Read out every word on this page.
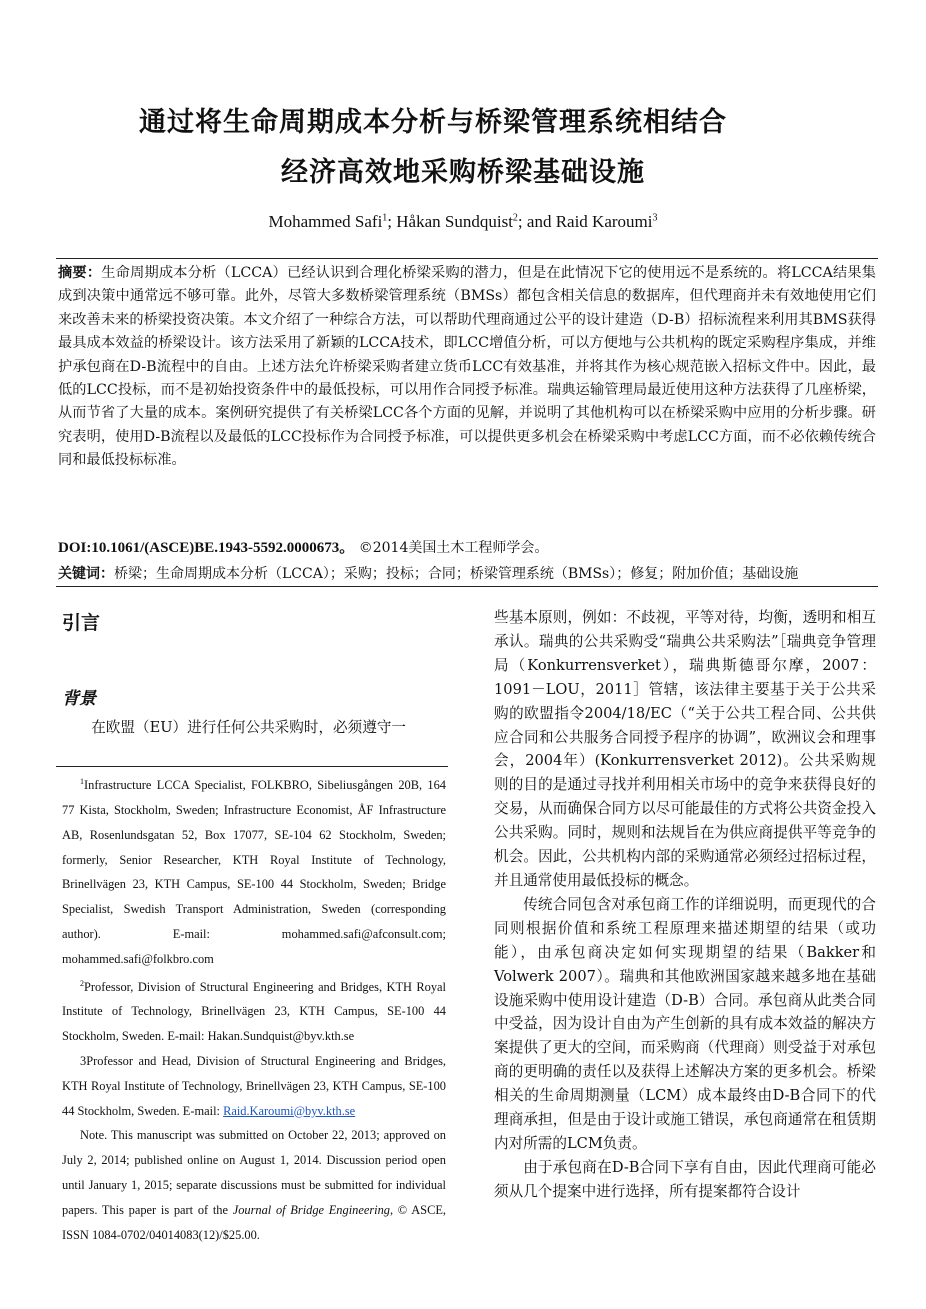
通过将生命周期成本分析与桥梁管理系统相结合
经济高效地采购桥梁基础设施
Mohammed Safi$^1$; Håkan Sundquist$^2$; and Raid Karoumi$^3$
摘要：生命周期成本分析（LCCA）已经认识到合理化桥梁采购的潜力，但是在此情况下它的使用远不是系统的。将LCCA结果集成到决策中通常远不够可靠。此外，尽管大多数桥梁管理系统（BMSs）都包含相关信息的数据库，但代理商并未有效地使用它们来改善未来的桥梁投资决策。本文介绍了一种综合方法，可以帮助代理商通过公平的设计建造（D-B）招标流程来利用其BMS获得最具成本效益的桥梁设计。该方法采用了新颖的LCCA技术，即LCC增值分析，可以方便地与公共机构的既定采购程序集成，并维护承包商在D-B流程中的自由。上述方法允许桥梁采购者建立货币LCC有效基准，并将其作为核心规范嵌入招标文件中。因此，最低的LCC投标，而不是初始投资条件中的最低投标，可以用作合同授予标准。瑞典运输管理局最近使用这种方法获得了几座桥梁，从而节省了大量的成本。案例研究提供了有关桥梁LCC各个方面的见解，并说明了其他机构可以在桥梁采购中应用的分析步骤。研究表明，使用D-B流程以及最低的LCC投标作为合同授予标准，可以提供更多机会在桥梁采购中考虑LCC方面，而不必依赖传统合同和最低投标标准。
DOI:10.1061/(ASCE)BE.1943-5592.0000673。 ©2014美国土木工程师学会。
关键词：桥梁；生命周期成本分析（LCCA）；采购；投标；合同；桥梁管理系统（BMSs）；修复；附加价值；基础设施
引言
背景
在欧盟（EU）进行任何公共采购时，必须遵守一

$^1$Infrastructure LCCA Specialist, FOLKBRO, Sibeliusgången 20B, 164 77 Kista, Stockholm, Sweden; Infrastructure Economist, ÅF Infrastructure AB, Rosenlundsgatan 52, Box 17077, SE-104 62 Stockholm, Sweden; formerly, Senior Researcher, KTH Royal Institute of Technology, Brinellvägen 23, KTH Campus, SE-100 44 Stockholm, Sweden; Bridge Specialist, Swedish Transport Administration, Sweden (corresponding author). E-mail: mohammed.safi@afconsult.com; mohammed.safi@folkbro.com

$^2$Professor, Division of Structural Engineering and Bridges, KTH Royal Institute of Technology, Brinellvägen 23, KTH Campus, SE-100 44 Stockholm, Sweden. E-mail: Hakan.Sundquist@byv.kth.se

3Professor and Head, Division of Structural Engineering and Bridges, KTH Royal Institute of Technology, Brinellvägen 23, KTH Campus, SE-100 44 Stockholm, Sweden. E-mail: Raid.Karoumi@byv.kth.se

Note. This manuscript was submitted on October 22, 2013; approved on July 2, 2014; published online on August 1, 2014. Discussion period open until January 1, 2015; separate discussions must be submitted for individual papers. This paper is part of the Journal of Bridge Engineering, © ASCE, ISSN 1084-0702/04014083(12)/$25.00.

些基本原则，例如：不歧视，平等对待，均衡，透明和相互承认。瑞典的公共采购受“瑞典公共采购法”［瑞典竞争管理局（Konkurrensverket），瑞典斯德哥尔摩，2007：1091－LOU，2011］管辖，该法律主要基于关于公共采购的欧盟指令2004/18/EC（“关于公共工程合同、公共供应合同和公共服务合同授予程序的协调”，欧洲议会和理事会，2004年）(Konkurrensverket 2012)。公共采购规则的目的是通过寻找并利用相关市场中的竞争来获得良好的交易，从而确保合同方以尽可能最佳的方式将公共资金投入公共采购。同时，规则和法规旨在为供应商提供平等竞争的机会。因此，公共机构内部的采购通常必须经过招标过程，并且通常使用最低投标的概念。

传统合同包含对承包商工作的详细说明，而更现代的合同则根据价值和系统工程原理来描述期望的结果（或功能），由承包商决定如何实现期望的结果（Bakker和Volwerk 2007）。瑞典和其他欧洲国家越来越多地在基础设施采购中使用设计建造（D-B）合同。承包商从此类合同中受益，因为设计自由为产生创新的具有成本效益的解决方案提供了更大的空间，而采购商（代理商）则受益于对承包商的更明确的责任以及获得上述解决方案的更多机会。桥梁相关的生命周期测量（LCM）成本最终由D-B合同下的代理商承担，但是由于设计或施工错误，承包商通常在租赁期内对所需的LCM负责。

由于承包商在D-B合同下享有自由，因此代理商可能必须从几个提案中进行选择，所有提案都符合设计
